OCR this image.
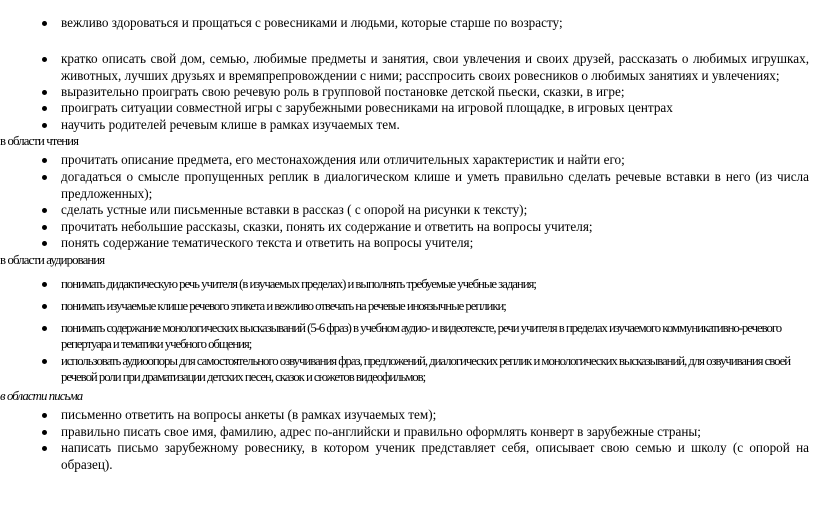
вежливо здороваться и прощаться с ровесниками и людьми, которые старше по возрасту;
кратко описать свой дом, семью, любимые предметы и занятия, свои увлечения и своих друзей, рассказать о любимых игрушках, животных, лучших друзьях и времяпрепровождении с ними; расспросить своих ровесников о любимых занятиях и увлечениях;
выразительно проиграть свою речевую роль в групповой постановке детской пьески, сказки, в игре;
проиграть ситуации совместной игры с зарубежными ровесниками на игровой площадке, в игровых центрах
научить родителей речевым клише в рамках изучаемых тем.
в области чтения
прочитать описание предмета, его местонахождения или отличительных характеристик и найти его;
догадаться о смысле пропущенных реплик в диалогическом клише и уметь правильно сделать речевые вставки в него (из числа предложенных);
сделать устные или письменные вставки в рассказ ( с опорой на рисунки к тексту);
прочитать небольшие рассказы, сказки, понять их содержание и ответить на вопросы учителя;
понять содержание тематического текста и ответить на вопросы учителя;
в области аудирования
понимать дидактическую речь учителя (в изучаемых пределах) и выполнять требуемые учебные задания;
понимать изучаемые клише речевого этикета и вежливо отвечать на речевые иноязычные реплики;
понимать содержание монологических высказываний (5-6 фраз) в учебном аудио- и видеотексте, речи учителя в пределах изучаемого коммуникативно-речевого репертуара и тематики учебного общения;
использовать аудиоопоры для самостоятельного озвучивания фраз, предложений, диалогических реплик и монологических высказываний, для озвучивания своей речевой роли при драматизации детских песен, сказок и сюжетов видеофильмов;
в области письма
письменно ответить на вопросы анкеты (в рамках изучаемых тем);
правильно писать свое имя, фамилию, адрес по-английски и правильно оформлять конверт в зарубежные страны;
написать письмо зарубежному ровеснику, в котором ученик представляет себя, описывает свою семью и школу (с опорой на образец).
